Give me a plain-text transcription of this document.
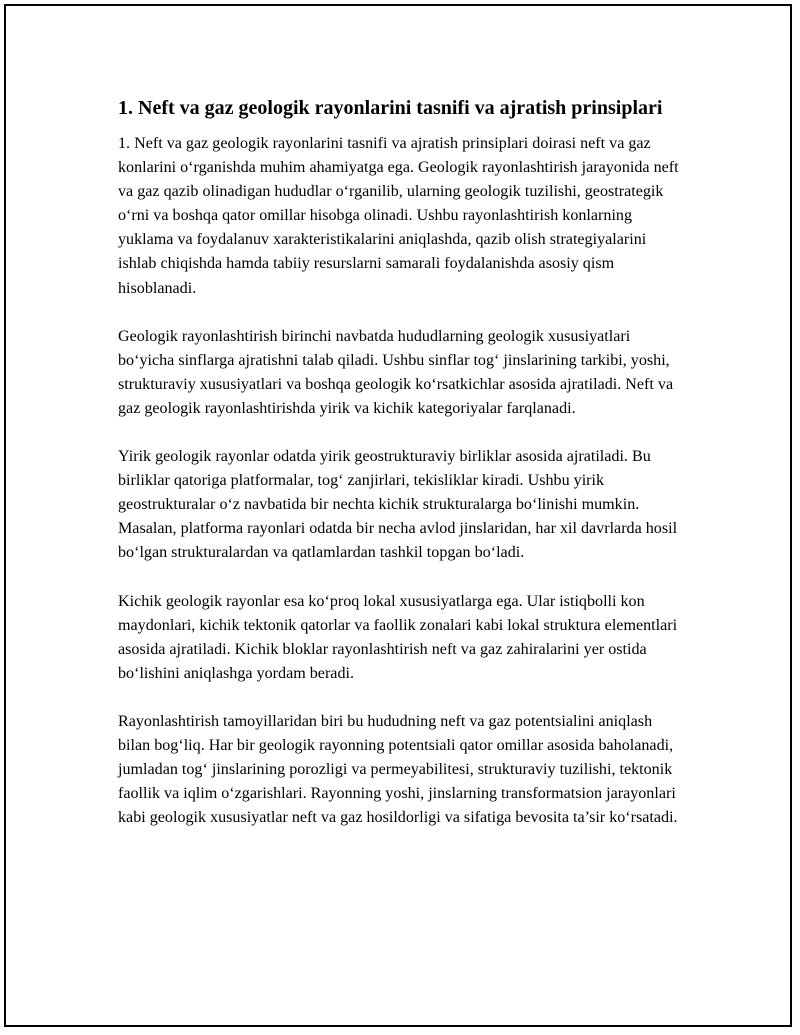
1. Neft va gaz geologik rayonlarini tasnifi va ajratish prinsiplari

1. Neft va gaz geologik rayonlarini tasnifi va ajratish prinsiplari doirasi neft va gaz konlarini o‘rganishda muhim ahamiyatga ega. Geologik rayonlashtirish jarayonida neft va gaz qazib olinadigan hududlar o‘rganilib, ularning geologik tuzilishi, geostrategik o‘rni va boshqa qator omillar hisobga olinadi. Ushbu rayonlashtirish konlarning yuklama va foydalanuv xarakteristikalarini aniqlashda, qazib olish strategiyalarini ishlab chiqishda hamda tabiiy resurslarni samarali foydalanishda asosiy qism hisoblanadi.

Geologik rayonlashtirish birinchi navbatda hududlarning geologik xususiyatlari bo‘yicha sinflarga ajratishni talab qiladi. Ushbu sinflar tog‘ jinslarining tarkibi, yoshi, strukturaviy xususiyatlari va boshqa geologik ko‘rsatkichlar asosida ajratiladi. Neft va gaz geologik rayonlashtirishda yirik va kichik kategoriyalar farqlanadi.

Yirik geologik rayonlar odatda yirik geostrukturaviy birliklar asosida ajratiladi. Bu birliklar qatoriga platformalar, tog‘ zanjirlari, tekisliklar kiradi. Ushbu yirik geostrukturalar o‘z navbatida bir nechta kichik strukturalarga bo‘linishi mumkin. Masalan, platforma rayonlari odatda bir necha avlod jinslaridan, har xil davrlarda hosil bo‘lgan strukturalardan va qatlamlardan tashkil topgan bo‘ladi.

Kichik geologik rayonlar esa ko‘proq lokal xususiyatlarga ega. Ular istiqbolli kon maydonlari, kichik tektonik qatorlar va faollik zonalari kabi lokal struktura elementlari asosida ajratiladi. Kichik bloklar rayonlashtirish neft va gaz zahiralarini yer ostida bo‘lishini aniqlashga yordam beradi.

Rayonlashtirish tamoyillaridan biri bu hududning neft va gaz potentsialini aniqlash bilan bog‘liq. Har bir geologik rayonning potentsiali qator omillar asosida baholanadi, jumladan tog‘ jinslarining porozligi va permeyabilitesi, strukturaviy tuzilishi, tektonik faollik va iqlim o‘zgarishlari. Rayonning yoshi, jinslarning transformatsion jarayonlari kabi geologik xususiyatlar neft va gaz hosildorligi va sifatiga bevosita ta’sir ko‘rsatadi.
